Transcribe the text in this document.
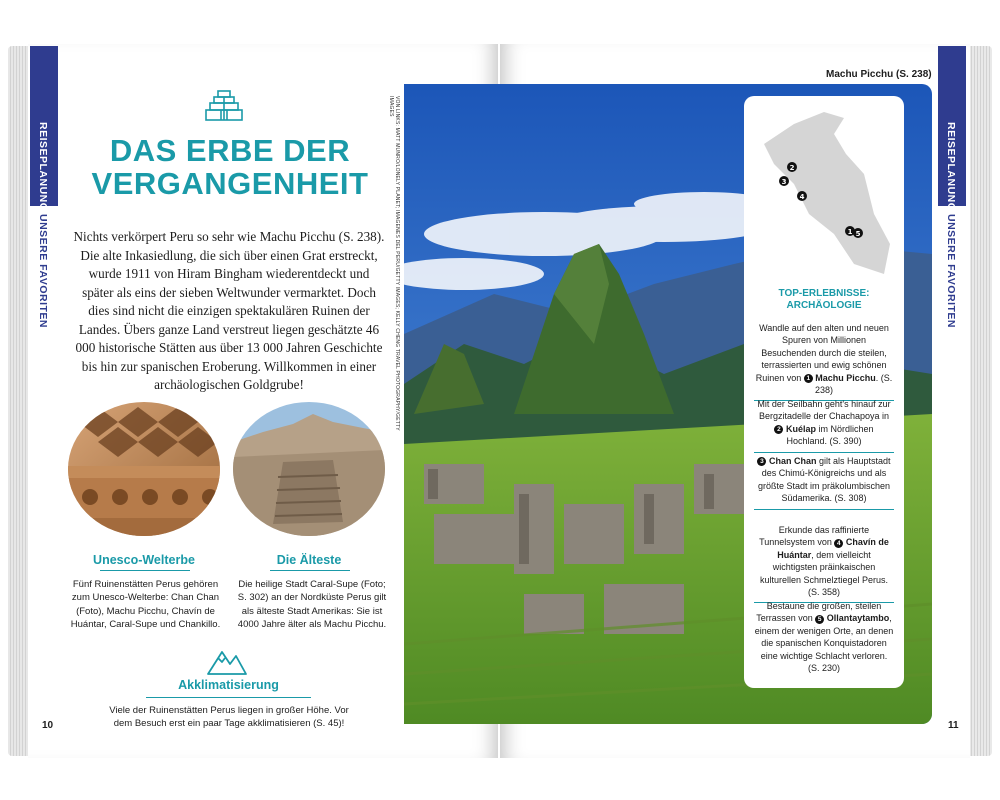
REISEPLANUNG
UNSERE FAVORITEN
REISEPLANUNG
UNSERE FAVORITEN
DAS ERBE DER
VERGANGENHEIT

Nichts verkörpert Peru so sehr wie Machu Picchu (S. 238). Die alte Inkasiedlung, die sich über einen Grat erstreckt, wurde 1911 von Hiram Bingham wiederentdeckt und später als eins der sieben Weltwunder vermarktet. Doch dies sind nicht die einzigen spektakulären Ruinen der Landes. Übers ganze Land verstreut liegen geschätzte 46 000 historische Stätten aus über 13 000 Jahren Geschichte bis hin zur spanischen Eroberung. Willkommen in einer archäologischen Goldgrube!

Unesco-Welterbe
Fünf Ruinenstätten Perus gehören zum Unesco-Welterbe: Chan Chan (Foto), Machu Picchu, Chavín de Huántar, Caral-Supe und Chankillo.
Die Älteste
Die heilige Stadt Caral-Supe (Foto; S. 302) an der Nordküste Perus gilt als älteste Stadt Amerikas: Sie ist 4000 Jahre älter als Machu Picchu.
Akklimatisierung
Viele der Ruinenstätten Perus liegen in großer Höhe. Vor dem Besuch erst ein paar Tage akklimatisieren (S. 45)!
10
VON LINKS: MATT MUNRO/LONELY PLANET; IMAGENES DEL PERU/GETTY IMAGES; KELLY CHENG TRAVEL PHOTOGRAPHY/GETTY IMAGES
Machu Picchu (S. 238)
2
3
4
1 5
TOP-ERLEBNISSE: ARCHÄOLOGIE
Wandle auf den alten und neuen Spuren von Millionen Besuchenden durch die steilen, terrassierten und ewig schönen Ruinen von 1 Machu Picchu. (S. 238)
Mit der Seilbahn geht's hinauf zur Bergzitadelle der Chachapoya in 2 Kuélap im Nördlichen Hochland. (S. 390)
3 Chan Chan gilt als Hauptstadt des Chimú-Königreichs und als größte Stadt im präkolumbischen Südamerika. (S. 308)
Erkunde das raffinierte Tunnelsystem von 4 Chavín de Huántar, dem vielleicht wichtigsten präinkaischen kulturellen Schmelztiegel Perus. (S. 358)
Bestaune die großen, steilen Terrassen von 5 Ollantaytambo, einem der wenigen Orte, an denen die spanischen Konquistadoren eine wichtige Schlacht verloren. (S. 230)
11
